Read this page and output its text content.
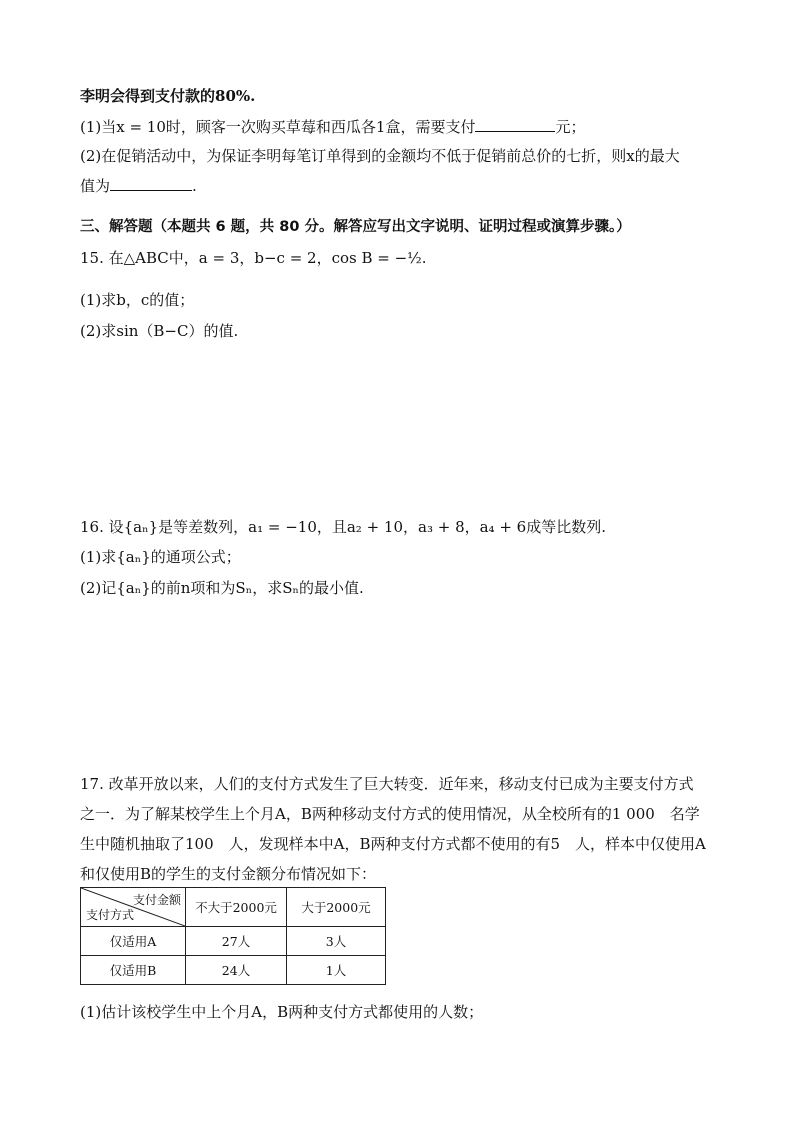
李明会得到支付款的80%.
(1)当x = 10时，顾客一次购买草莓和西瓜各1盒，需要支付	元；
(2)在促销活动中，为保证李明每笔订单得到的金额均不低于促销前总价的七折，则x的最大
值为	.
三、解答题（本题共 6 题，共 80 分。解答应写出文字说明、证明过程或演算步骤。）
15. 在△ABC中，a = 3，b−c = 2，cos B = −½.
(1)求b，c的值；
(2)求sin（B−C）的值.
16. 设{aₙ}是等差数列，a₁ = −10，且a₂ + 10，a₃ + 8，a₄ + 6成等比数列.
(1)求{aₙ}的通项公式；
(2)记{aₙ}的前n项和为Sₙ，求Sₙ的最小值.
17. 改革开放以来，人们的支付方式发生了巨大转变．近年来，移动支付已成为主要支付方式
之一．为了解某校学生上个月A，B两种移动支付方式的使用情况，从全校所有的1 000　名学
生中随机抽取了100　人，发现样本中A，B两种支付方式都不使用的有5　人，样本中仅使用A
和仅使用B的学生的支付金额分布情况如下：
支付金额
支付方式	不大于2000元	大于2000元
仅适用A	27人	3人
仅适用B	24人	1人
(1)估计该校学生中上个月A，B两种支付方式都使用的人数；
